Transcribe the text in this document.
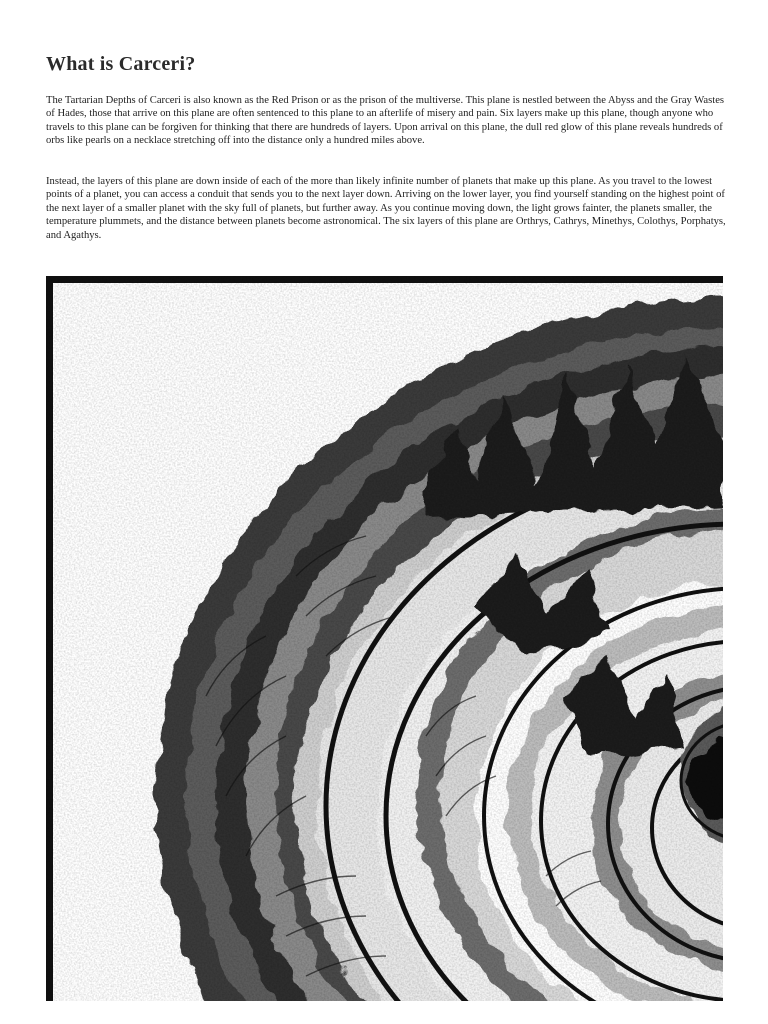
What is Carceri?

The Tartarian Depths of Carceri is also known as the Red Prison or as the prison of the multiverse. This plane is nestled between the Abyss and the Gray Wastes of Hades, those that arrive on this plane are often sentenced to this plane to an afterlife of misery and pain. Six layers make up this plane, though anyone who travels to this plane can be forgiven for thinking that there are hundreds of layers. Upon arrival on this plane, the dull red glow of this plane reveals hundreds of orbs like pearls on a necklace stretching off into the distance only a hundred miles above.

Instead, the layers of this plane are down inside of each of the more than likely infinite number of planets that make up this plane. As you travel to the lowest points of a planet, you can access a conduit that sends you to the next layer down. Arriving on the lower layer, you find yourself standing on the highest point of the next layer of a smaller planet with the sky full of planets, but further away. As you continue moving down, the light grows fainter, the planets smaller, the temperature plummets, and the distance between planets become astronomical. The six layers of this plane are Orthrys, Cathrys, Minethys, Colothys, Porphatys, and Agathys.
